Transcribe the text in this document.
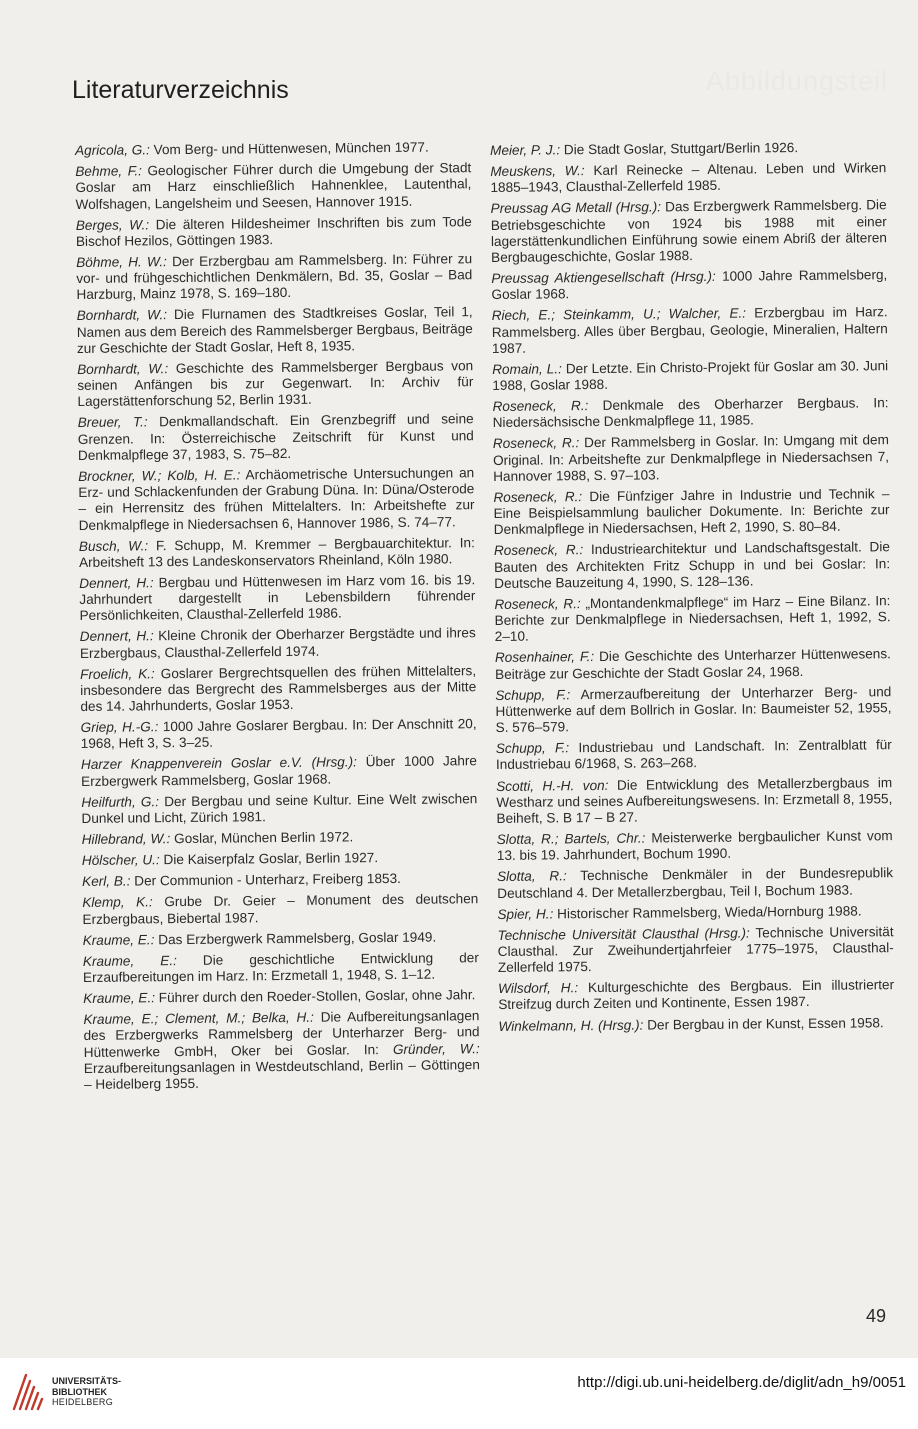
Abbildungsteil
Literaturverzeichnis

Agricola, G.: Vom Berg- und Hüttenwesen, München 1977.

Behme, F.: Geologischer Führer durch die Umgebung der Stadt Goslar am Harz einschließlich Hahnenklee, Lautenthal, Wolfshagen, Langelsheim und Seesen, Hannover 1915.

Berges, W.: Die älteren Hildesheimer Inschriften bis zum Tode Bischof Hezilos, Göttingen 1983.

Böhme, H. W.: Der Erzbergbau am Rammelsberg. In: Führer zu vor- und frühgeschichtlichen Denkmälern, Bd. 35, Goslar – Bad Harzburg, Mainz 1978, S. 169–180.

Bornhardt, W.: Die Flurnamen des Stadtkreises Goslar, Teil 1, Namen aus dem Bereich des Rammelsberger Bergbaus, Beiträge zur Geschichte der Stadt Goslar, Heft 8, 1935.

Bornhardt, W.: Geschichte des Rammelsberger Bergbaus von seinen Anfängen bis zur Gegenwart. In: Archiv für Lagerstättenforschung 52, Berlin 1931.

Breuer, T.: Denkmallandschaft. Ein Grenzbegriff und seine Grenzen. In: Österreichische Zeitschrift für Kunst und Denkmalpflege 37, 1983, S. 75–82.

Brockner, W.; Kolb, H. E.: Archäometrische Untersuchungen an Erz- und Schlackenfunden der Grabung Düna. In: Düna/Osterode – ein Herrensitz des frühen Mittelalters. In: Arbeitshefte zur Denkmalpflege in Niedersachsen 6, Hannover 1986, S. 74–77.

Busch, W.: F. Schupp, M. Kremmer – Bergbauarchitektur. In: Arbeitsheft 13 des Landeskonservators Rheinland, Köln 1980.

Dennert, H.: Bergbau und Hüttenwesen im Harz vom 16. bis 19. Jahrhundert dargestellt in Lebensbildern führender Persönlichkeiten, Clausthal-Zellerfeld 1986.

Dennert, H.: Kleine Chronik der Oberharzer Bergstädte und ihres Erzbergbaus, Clausthal-Zellerfeld 1974.

Froelich, K.: Goslarer Bergrechtsquellen des frühen Mittelalters, insbesondere das Bergrecht des Rammelsberges aus der Mitte des 14. Jahrhunderts, Goslar 1953.

Griep, H.-G.: 1000 Jahre Goslarer Bergbau. In: Der Anschnitt 20, 1968, Heft 3, S. 3–25.

Harzer Knappenverein Goslar e.V. (Hrsg.): Über 1000 Jahre Erzbergwerk Rammelsberg, Goslar 1968.

Heilfurth, G.: Der Bergbau und seine Kultur. Eine Welt zwischen Dunkel und Licht, Zürich 1981.

Hillebrand, W.: Goslar, München Berlin 1972.

Hölscher, U.: Die Kaiserpfalz Goslar, Berlin 1927.

Kerl, B.: Der Communion - Unterharz, Freiberg 1853.

Klemp, K.: Grube Dr. Geier – Monument des deutschen Erzbergbaus, Biebertal 1987.

Kraume, E.: Das Erzbergwerk Rammelsberg, Goslar 1949.

Kraume, E.: Die geschichtliche Entwicklung der Erzaufbereitungen im Harz. In: Erzmetall 1, 1948, S. 1–12.

Kraume, E.: Führer durch den Roeder-Stollen, Goslar, ohne Jahr.

Kraume, E.; Clement, M.; Belka, H.: Die Aufbereitungsanlagen des Erzbergwerks Rammelsberg der Unterharzer Berg- und Hüttenwerke GmbH, Oker bei Goslar. In: Gründer, W.: Erzaufbereitungsanlagen in Westdeutschland, Berlin – Göttingen – Heidelberg 1955.

Meier, P. J.: Die Stadt Goslar, Stuttgart/Berlin 1926.

Meuskens, W.: Karl Reinecke – Altenau. Leben und Wirken 1885–1943, Clausthal-Zellerfeld 1985.

Preussag AG Metall (Hrsg.): Das Erzbergwerk Rammelsberg. Die Betriebsgeschichte von 1924 bis 1988 mit einer lagerstättenkundlichen Einführung sowie einem Abriß der älteren Bergbaugeschichte, Goslar 1988.

Preussag Aktiengesellschaft (Hrsg.): 1000 Jahre Rammelsberg, Goslar 1968.

Riech, E.; Steinkamm, U.; Walcher, E.: Erzbergbau im Harz. Rammelsberg. Alles über Bergbau, Geologie, Mineralien, Haltern 1987.

Romain, L.: Der Letzte. Ein Christo-Projekt für Goslar am 30. Juni 1988, Goslar 1988.

Roseneck, R.: Denkmale des Oberharzer Bergbaus. In: Niedersächsische Denkmalpflege 11, 1985.

Roseneck, R.: Der Rammelsberg in Goslar. In: Umgang mit dem Original. In: Arbeitshefte zur Denkmalpflege in Niedersachsen 7, Hannover 1988, S. 97–103.

Roseneck, R.: Die Fünfziger Jahre in Industrie und Technik – Eine Beispielsammlung baulicher Dokumente. In: Berichte zur Denkmalpflege in Niedersachsen, Heft 2, 1990, S. 80–84.

Roseneck, R.: Industriearchitektur und Landschaftsgestalt. Die Bauten des Architekten Fritz Schupp in und bei Goslar: In: Deutsche Bauzeitung 4, 1990, S. 128–136.

Roseneck, R.: „Montandenkmalpflege“ im Harz – Eine Bilanz. In: Berichte zur Denkmalpflege in Niedersachsen, Heft 1, 1992, S. 2–10.

Rosenhainer, F.: Die Geschichte des Unterharzer Hüttenwesens. Beiträge zur Geschichte der Stadt Goslar 24, 1968.

Schupp, F.: Armerzaufbereitung der Unterharzer Berg- und Hüttenwerke auf dem Bollrich in Goslar. In: Baumeister 52, 1955, S. 576–579.

Schupp, F.: Industriebau und Landschaft. In: Zentralblatt für Industriebau 6/1968, S. 263–268.

Scotti, H.-H. von: Die Entwicklung des Metallerzbergbaus im Westharz und seines Aufbereitungswesens. In: Erzmetall 8, 1955, Beiheft, S. B 17 – B 27.

Slotta, R.; Bartels, Chr.: Meisterwerke bergbaulicher Kunst vom 13. bis 19. Jahrhundert, Bochum 1990.

Slotta, R.: Technische Denkmäler in der Bundesrepublik Deutschland 4. Der Metallerzbergbau, Teil I, Bochum 1983.

Spier, H.: Historischer Rammelsberg, Wieda/Hornburg 1988.

Technische Universität Clausthal (Hrsg.): Technische Universität Clausthal. Zur Zweihundertjahrfeier 1775–1975, Clausthal-Zellerfeld 1975.

Wilsdorf, H.: Kulturgeschichte des Bergbaus. Ein illustrierter Streifzug durch Zeiten und Kontinente, Essen 1987.

Winkelmann, H. (Hrsg.): Der Bergbau in der Kunst, Essen 1958.

49
UNIVERSITÄTS-
BIBLIOTHEK
HEIDELBERG
http://digi.ub.uni-heidelberg.de/diglit/adn_h9/0051
